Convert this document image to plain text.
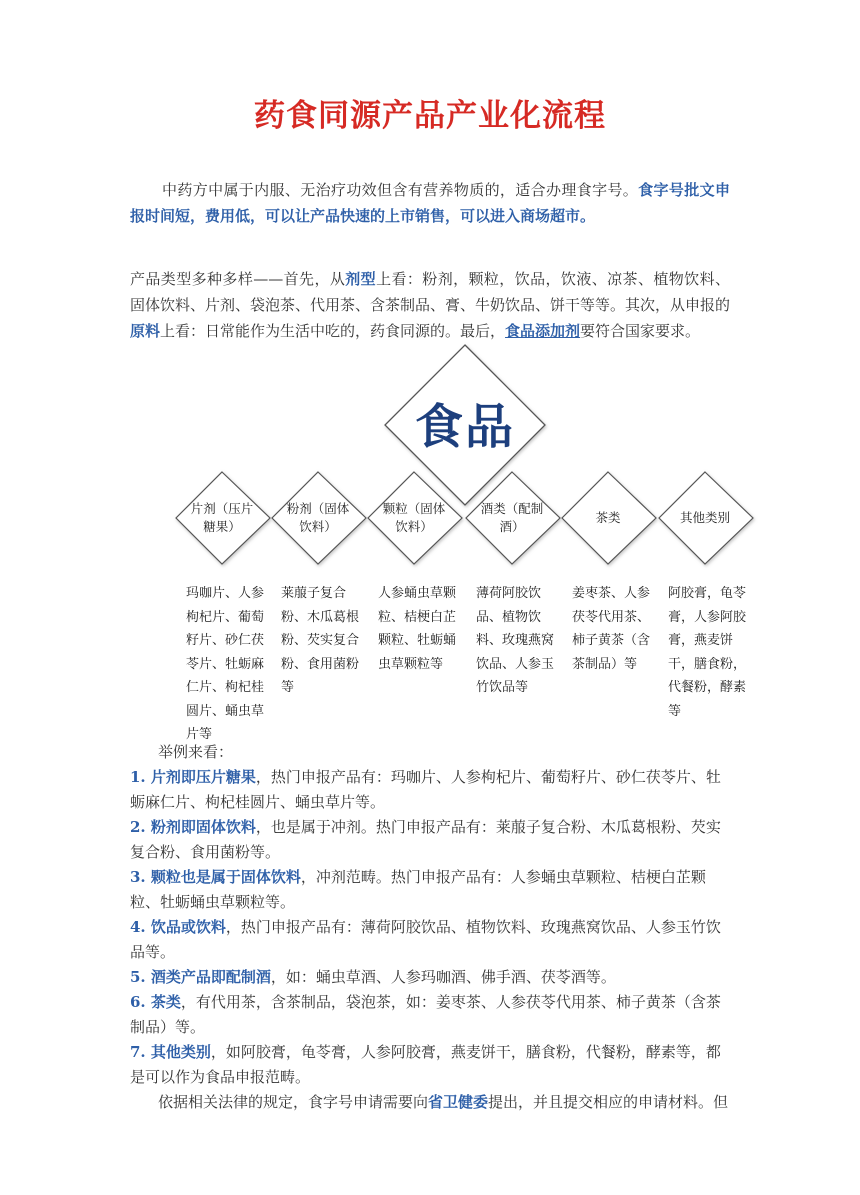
药食同源产品产业化流程
中药方中属于内服、无治疗功效但含有营养物质的，适合办理食字号。食字号批文申报时间短，费用低，可以让产品快速的上市销售，可以进入商场超市。
产品类型多种多样——首先，从剂型上看：粉剂，颗粒，饮品，饮液、凉茶、植物饮料、固体饮料、片剂、袋泡茶、代用茶、含茶制品、膏、牛奶饮品、饼干等等。其次，从申报的原料上看：日常能作为生活中吃的，药食同源的。最后，食品添加剂要符合国家要求。
食品
片剂（压片糖果）
粉剂（固体饮料）
颗粒（固体饮料）
酒类（配制酒）
茶类	其他类别
玛咖片、人参枸杞片、葡萄籽片、砂仁茯苓片、牡蛎麻仁片、枸杞桂圆片、蛹虫草片等
莱菔子复合粉、木瓜葛根粉、芡实复合粉、食用菌粉等
人参蛹虫草颗粒、桔梗白芷颗粒、牡蛎蛹虫草颗粒等
薄荷阿胶饮品、植物饮料、玫瑰燕窝饮品、人参玉竹饮品等
姜枣茶、人参茯苓代用茶、柿子黄茶（含茶制品）等
阿胶膏，龟苓膏，人参阿胶膏，燕麦饼干，膳食粉，代餐粉，酵素等
举例来看：
1. 片剂即压片糖果，热门申报产品有：玛咖片、人参枸杞片、葡萄籽片、砂仁茯苓片、牡蛎麻仁片、枸杞桂圆片、蛹虫草片等。
2. 粉剂即固体饮料，也是属于冲剂。热门申报产品有：莱菔子复合粉、木瓜葛根粉、芡实复合粉、食用菌粉等。
3. 颗粒也是属于固体饮料，冲剂范畴。热门申报产品有：人参蛹虫草颗粒、桔梗白芷颗粒、牡蛎蛹虫草颗粒等。
4. 饮品或饮料，热门申报产品有：薄荷阿胶饮品、植物饮料、玫瑰燕窝饮品、人参玉竹饮品等。
5. 酒类产品即配制酒，如：蛹虫草酒、人参玛咖酒、佛手酒、茯苓酒等。
6. 茶类，有代用茶，含茶制品，袋泡茶，如：姜枣茶、人参茯苓代用茶、柿子黄茶（含茶制品）等。
7. 其他类别，如阿胶膏，龟苓膏，人参阿胶膏，燕麦饼干，膳食粉，代餐粉，酵素等，都是可以作为食品申报范畴。
依据相关法律的规定，食字号申请需要向省卫健委提出，并且提交相应的申请材料。但
